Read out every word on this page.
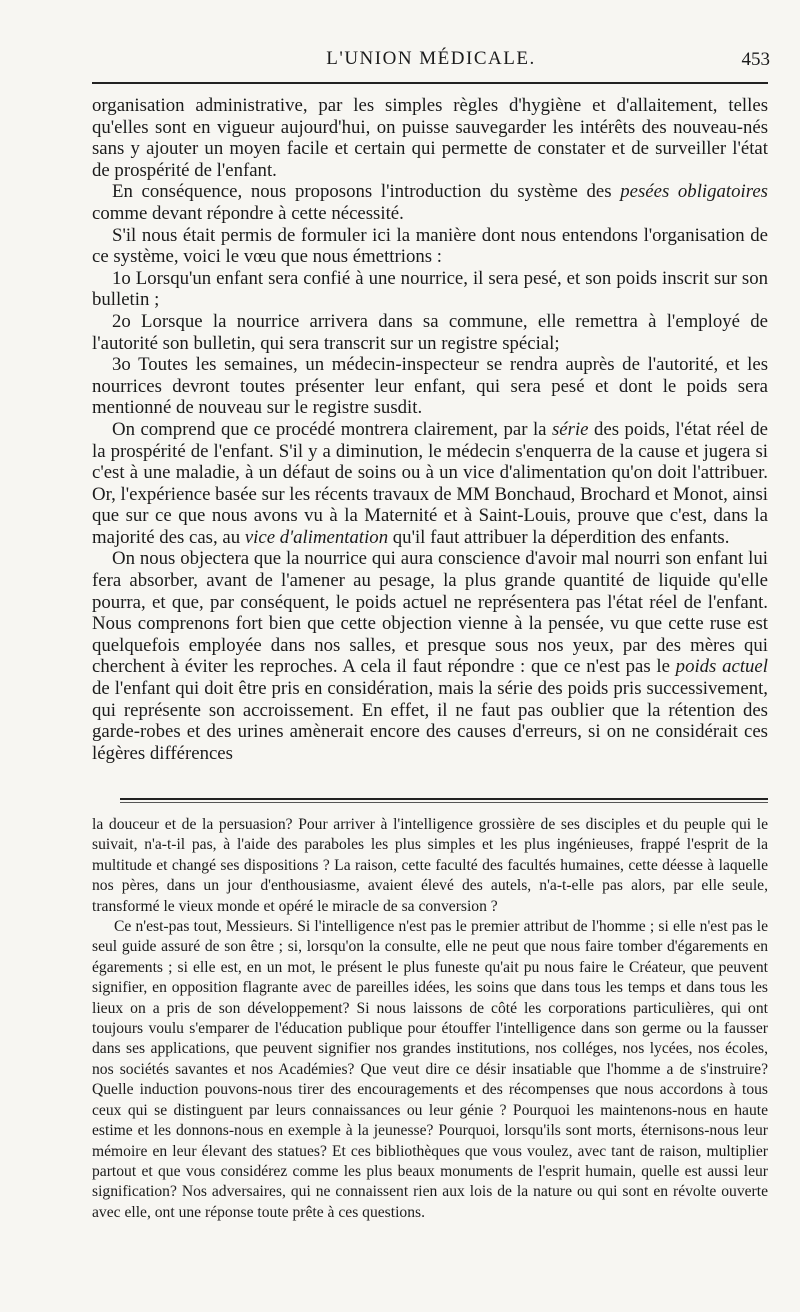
L'UNION MÉDICALE.	453

organisation administrative, par les simples règles d'hygiène et d'allaitement, telles qu'elles sont en vigueur aujourd'hui, on puisse sauvegarder les intérêts des nouveau-nés sans y ajouter un moyen facile et certain qui permette de constater et de surveiller l'état de prospérité de l'enfant.

En conséquence, nous proposons l'introduction du système des pesées obligatoires comme devant répondre à cette nécessité.

S'il nous était permis de formuler ici la manière dont nous entendons l'organisation de ce système, voici le vœu que nous émettrions :

1o Lorsqu'un enfant sera confié à une nourrice, il sera pesé, et son poids inscrit sur son bulletin ;

2o Lorsque la nourrice arrivera dans sa commune, elle remettra à l'employé de l'autorité son bulletin, qui sera transcrit sur un registre spécial;

3o Toutes les semaines, un médecin-inspecteur se rendra auprès de l'autorité, et les nourrices devront toutes présenter leur enfant, qui sera pesé et dont le poids sera mentionné de nouveau sur le registre susdit.

On comprend que ce procédé montrera clairement, par la série des poids, l'état réel de la prospérité de l'enfant. S'il y a diminution, le médecin s'enquerra de la cause et jugera si c'est à une maladie, à un défaut de soins ou à un vice d'alimentation qu'on doit l'attribuer. Or, l'expérience basée sur les récents travaux de MM Bonchaud, Brochard et Monot, ainsi que sur ce que nous avons vu à la Maternité et à Saint-Louis, prouve que c'est, dans la majorité des cas, au vice d'alimentation qu'il faut attribuer la déperdition des enfants.

On nous objectera que la nourrice qui aura conscience d'avoir mal nourri son enfant lui fera absorber, avant de l'amener au pesage, la plus grande quantité de liquide qu'elle pourra, et que, par conséquent, le poids actuel ne représentera pas l'état réel de l'enfant. Nous comprenons fort bien que cette objection vienne à la pensée, vu que cette ruse est quelquefois employée dans nos salles, et presque sous nos yeux, par des mères qui cherchent à éviter les reproches. A cela il faut répondre : que ce n'est pas le poids actuel de l'enfant qui doit être pris en considération, mais la série des poids pris successivement, qui représente son accroissement. En effet, il ne faut pas oublier que la rétention des garde-robes et des urines amènerait encore des causes d'erreurs, si on ne considérait ces légères différences

la douceur et de la persuasion? Pour arriver à l'intelligence grossière de ses disciples et du peuple qui le suivait, n'a-t-il pas, à l'aide des paraboles les plus simples et les plus ingénieuses, frappé l'esprit de la multitude et changé ses dispositions ? La raison, cette faculté des facultés humaines, cette déesse à laquelle nos pères, dans un jour d'enthousiasme, avaient élevé des autels, n'a-t-elle pas alors, par elle seule, transformé le vieux monde et opéré le miracle de sa conversion ?

Ce n'est-pas tout, Messieurs. Si l'intelligence n'est pas le premier attribut de l'homme ; si elle n'est pas le seul guide assuré de son être ; si, lorsqu'on la consulte, elle ne peut que nous faire tomber d'égarements en égarements ; si elle est, en un mot, le présent le plus funeste qu'ait pu nous faire le Créateur, que peuvent signifier, en opposition flagrante avec de pareilles idées, les soins que dans tous les temps et dans tous les lieux on a pris de son développement? Si nous laissons de côté les corporations particulières, qui ont toujours voulu s'emparer de l'éducation publique pour étouffer l'intelligence dans son germe ou la fausser dans ses applications, que peuvent signifier nos grandes institutions, nos colléges, nos lycées, nos écoles, nos sociétés savantes et nos Académies? Que veut dire ce désir insatiable que l'homme a de s'instruire? Quelle induction pouvons-nous tirer des encouragements et des récompenses que nous accordons à tous ceux qui se distinguent par leurs connaissances ou leur génie ? Pourquoi les maintenons-nous en haute estime et les donnons-nous en exemple à la jeunesse? Pourquoi, lorsqu'ils sont morts, éternisons-nous leur mémoire en leur élevant des statues? Et ces bibliothèques que vous voulez, avec tant de raison, multiplier partout et que vous considérez comme les plus beaux monuments de l'esprit humain, quelle est aussi leur signification? Nos adversaires, qui ne connaissent rien aux lois de la nature ou qui sont en révolte ouverte avec elle, ont une réponse toute prête à ces questions.
